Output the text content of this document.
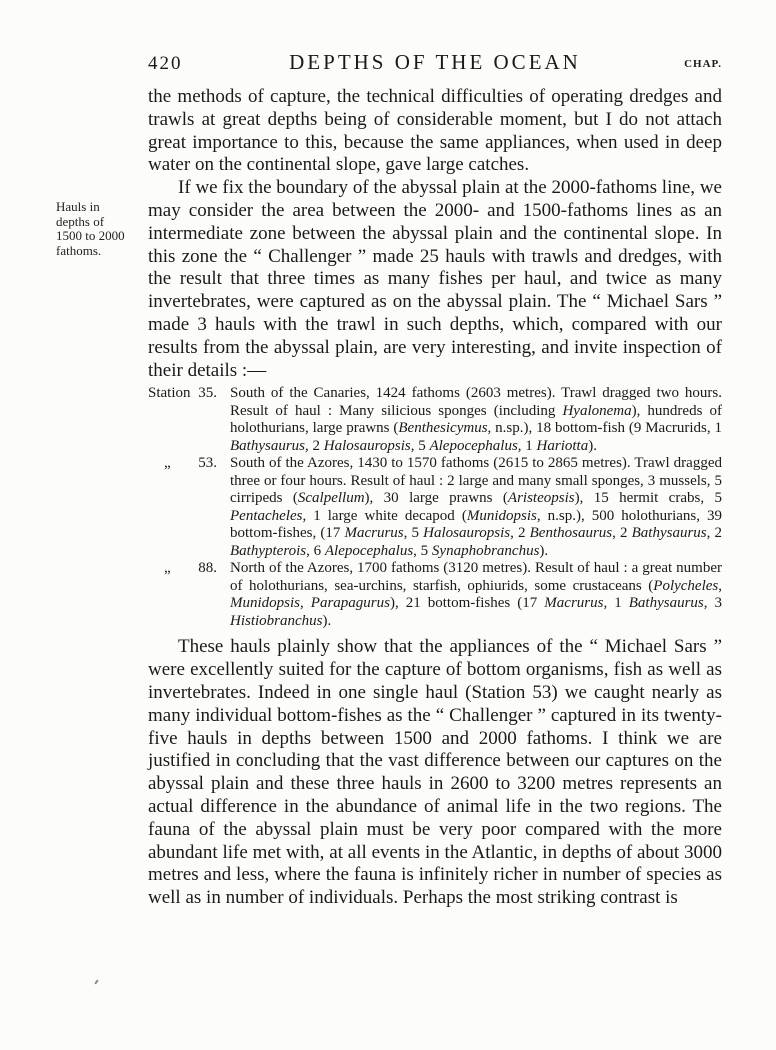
420	DEPTHS OF THE OCEAN	CHAP.
Hauls in
depths of
1500 to 2000
fathoms.

the methods of capture, the technical difficulties of operating dredges and trawls at great depths being of considerable moment, but I do not attach great importance to this, because the same appliances, when used in deep water on the continental slope, gave large catches.

If we fix the boundary of the abyssal plain at the 2000-fathoms line, we may consider the area between the 2000- and 1500-fathoms lines as an intermediate zone between the abyssal plain and the continental slope. In this zone the “ Challenger ” made 25 hauls with trawls and dredges, with the result that three times as many fishes per haul, and twice as many invertebrates, were captured as on the abyssal plain. The “ Michael Sars ” made 3 hauls with the trawl in such depths, which, compared with our results from the abyssal plain, are very interesting, and invite inspection of their details :—

Station 35. South of the Canaries, 1424 fathoms (2603 metres). Trawl dragged two hours. Result of haul : Many silicious sponges (including Hyalonema), hundreds of holothurians, large prawns (Benthesicymus, n.sp.), 18 bottom-fish (9 Macrurids, 1 Bathysaurus, 2 Halosauropsis, 5 Alepocephalus, 1 Hariotta).
„ 53. South of the Azores, 1430 to 1570 fathoms (2615 to 2865 metres). Trawl dragged three or four hours. Result of haul : 2 large and many small sponges, 3 mussels, 5 cirripeds (Scalpellum), 30 large prawns (Aristeopsis), 15 hermit crabs, 5 Pentacheles, 1 large white decapod (Munidopsis, n.sp.), 500 holothurians, 39 bottom-fishes, (17 Macrurus, 5 Halosauropsis, 2 Benthosaurus, 2 Bathysaurus, 2 Bathypterois, 6 Alepocephalus, 5 Synaphobranchus).
„ 88. North of the Azores, 1700 fathoms (3120 metres). Result of haul : a great number of holothurians, sea-urchins, starfish, ophiurids, some crustaceans (Polycheles, Munidopsis, Parapagurus), 21 bottom-fishes (17 Macrurus, 1 Bathysaurus, 3 Histiobranchus).

These hauls plainly show that the appliances of the “ Michael Sars ” were excellently suited for the capture of bottom organisms, fish as well as invertebrates. Indeed in one single haul (Station 53) we caught nearly as many individual bottom-fishes as the “ Challenger ” captured in its twenty-five hauls in depths between 1500 and 2000 fathoms. I think we are justified in concluding that the vast difference between our captures on the abyssal plain and these three hauls in 2600 to 3200 metres represents an actual difference in the abundance of animal life in the two regions. The fauna of the abyssal plain must be very poor compared with the more abundant life met with, at all events in the Atlantic, in depths of about 3000 metres and less, where the fauna is infinitely richer in number of species as well as in number of individuals. Perhaps the most striking contrast is
